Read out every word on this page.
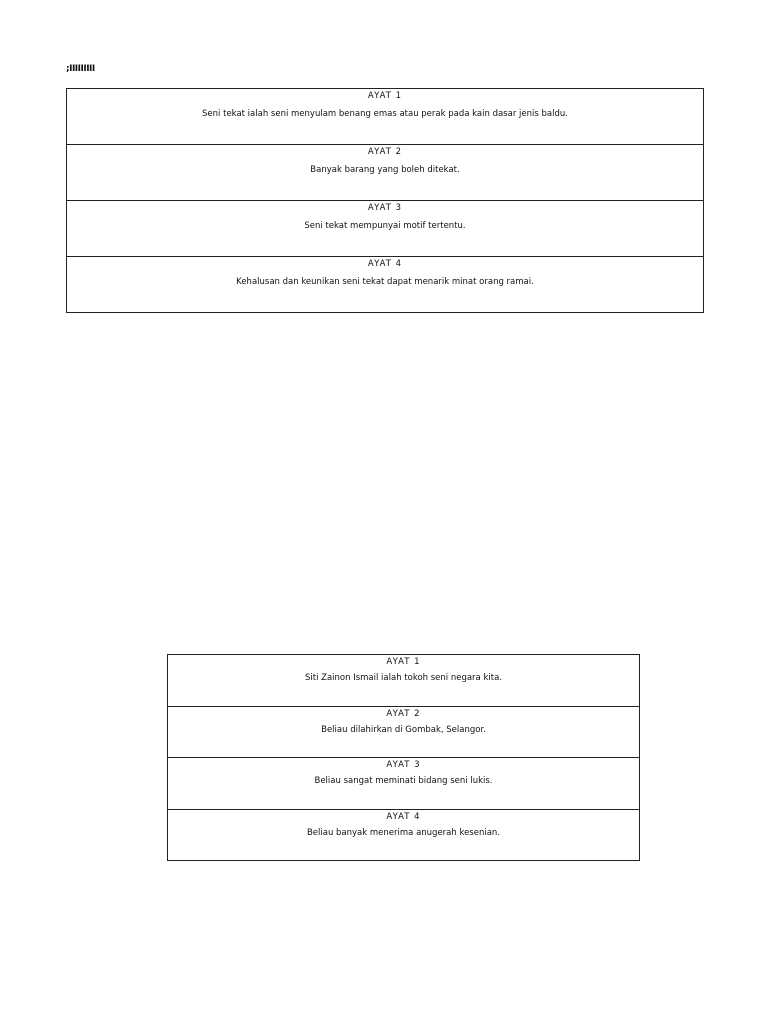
;IIIIIIIII
AYAT 1
Seni tekat ialah seni menyulam benang emas atau perak pada kain dasar jenis baldu.
AYAT 2
Banyak barang yang boleh ditekat.
AYAT 3
Seni tekat mempunyai motif tertentu.
AYAT 4
Kehalusan dan keunikan seni tekat dapat menarik minat orang ramai.
AYAT 1
Siti Zainon Ismail ialah tokoh seni negara kita.
AYAT 2
Beliau dilahirkan di Gombak, Selangor.
AYAT 3
Beliau sangat meminati bidang seni lukis.
AYAT 4
Beliau banyak menerima anugerah kesenian.
